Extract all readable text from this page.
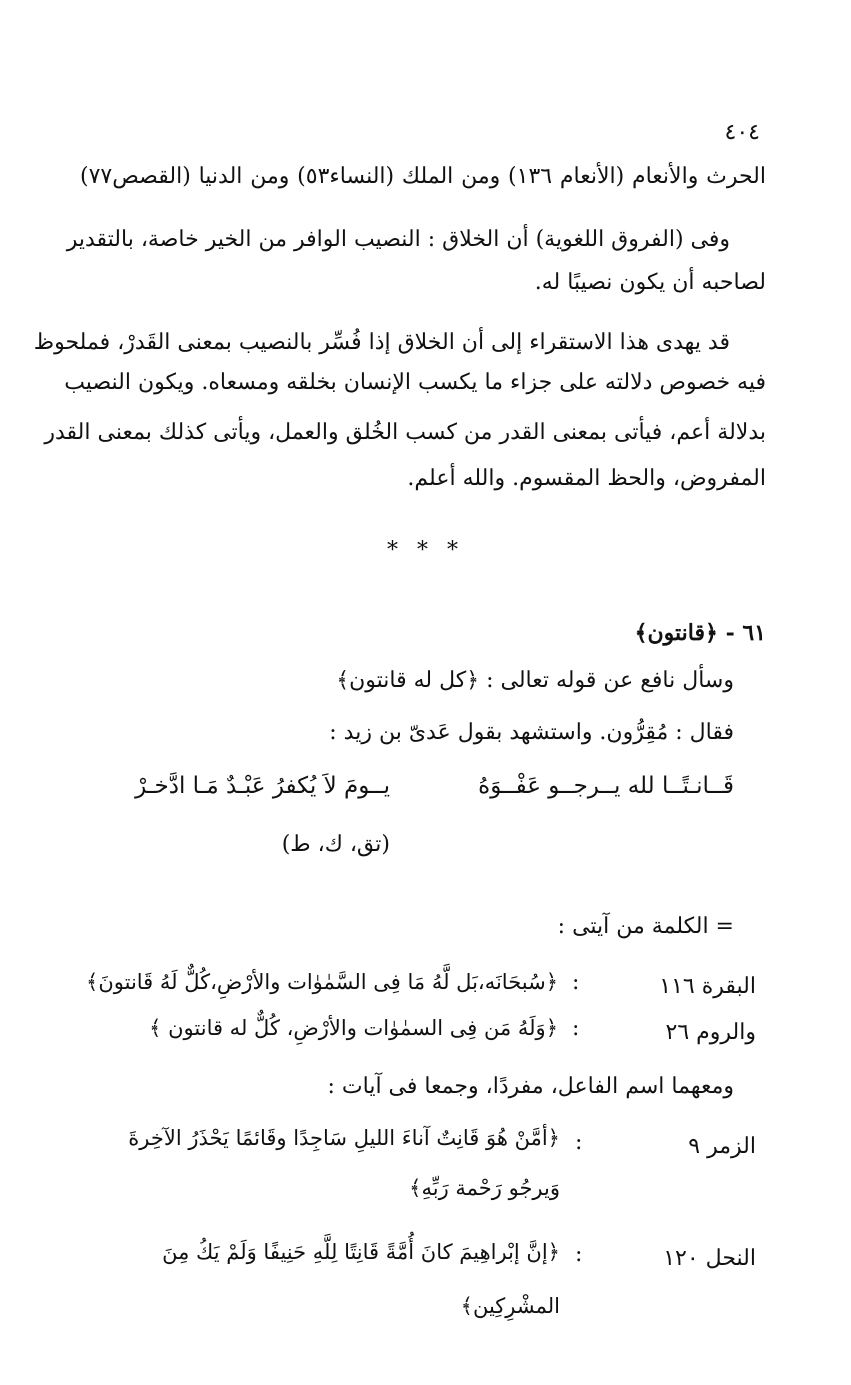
٤٠٤
الحرث والأنعام (الأنعام ١٣٦) ومن الملك (النساء٥٣) ومن الدنيا (القصص٧٧)
وفى (الفروق اللغوية) أن الخلاق : النصيب الوافر من الخير خاصة، بالتقدير
لصاحبه أن يكون نصيبًا له.
قد يهدى هذا الاستقراء إلى أن الخلاق إذا فُسِّر بالنصيب بمعنى القَدرْ، فملحوظ
فيه خصوص دلالته على جزاء ما يكسب الإنسان بخلقه ومسعاه. ويكون النصيب
بدلالة أعم، فيأتى بمعنى القدر من كسب الخُلق والعمل، ويأتى كذلك بمعنى القدر
المفروض، والحظ المقسوم. والله أعلم.
* * *
٦١ - ﴿قانتون﴾
وسأل نافع عن قوله تعالى : ﴿كل له قانتون﴾
فقال : مُقِرُّون. واستشهد بقول عَدىّ بن زيد :
قَــانـتًــا لله يــرجــو عَفْــوَهُ
يــومَ لاَ يُكفرُ عَبْـدٌ مَـا ادَّخـرْ
(تق، ك، ط)
= الكلمة من آيتى :
البقرة ١١٦
:
﴿سُبحَانَه،بَل لَّهُ مَا فِى السَّمٰوٰات والأرْضِ،كُلٌّ لَهُ قَانتونَ﴾
والروم ٢٦
:
﴿وَلَهُ مَن فِى السمٰوٰات والأرْضِ، كُلٌّ له قانتون ﴾
ومعهما اسم الفاعل، مفردًا، وجمعا فى آيات :
الزمر ٩
:
﴿أمَّنْ هُوَ قَانِتٌ آناءَ الليلِ سَاجِدًا وقَائمًا يَحْذَرُ الآخِرةَ
وَيرجُو رَحْمة رَبِّهِ﴾
النحل ١٢٠
:
﴿إنَّ إبْراهِيمَ كانَ أُمَّةً قَانِتًا لِلَّهِ حَنِيفًا وَلَمْ يَكُ مِنَ
المشْرِكِين﴾
